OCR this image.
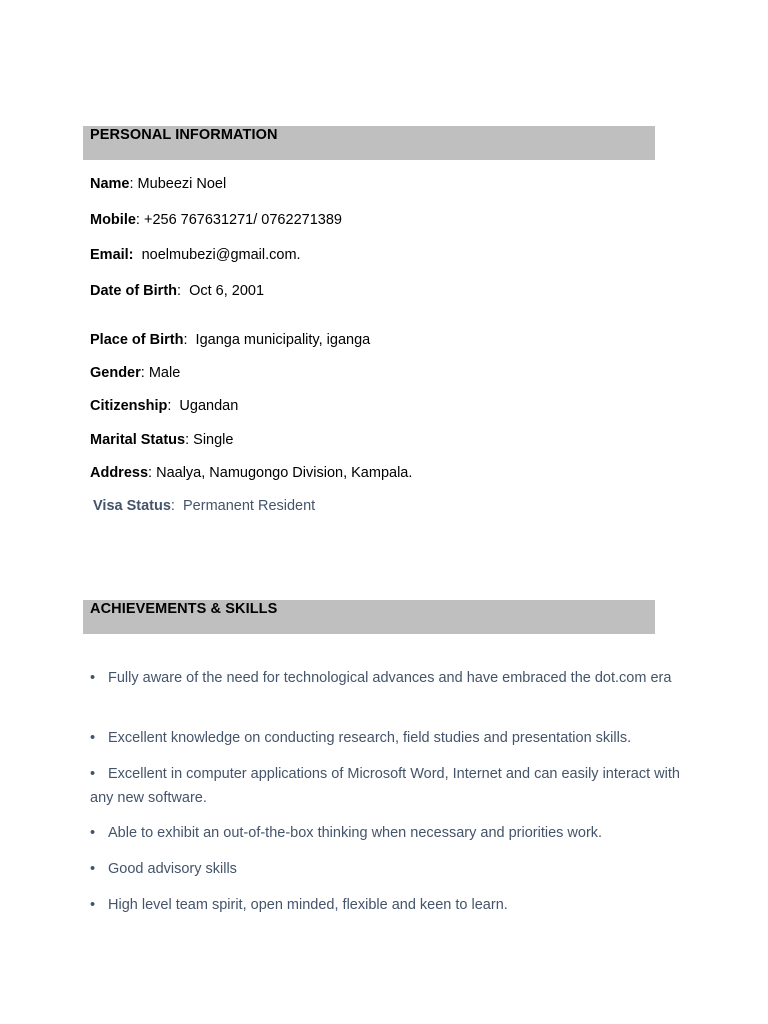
PERSONAL INFORMATION
Name: Mubeezi Noel
Mobile: +256 767631271/ 0762271389
Email:  noelmubezi@gmail.com.
Date of Birth:  Oct 6, 2001
Place of Birth:  Iganga municipality, iganga
Gender: Male
Citizenship:  Ugandan
Marital Status: Single
Address: Naalya, Namugongo Division, Kampala.
Visa Status:  Permanent Resident
ACHIEVEMENTS & SKILLS
• Fully aware of the need for technological advances and have embraced the dot.com era
• Excellent knowledge on conducting research, field studies and presentation skills.
• Excellent in computer applications of Microsoft Word, Internet and can easily interact with any new software.
• Able to exhibit an out-of-the-box thinking when necessary and priorities work.
• Good advisory skills
• High level team spirit, open minded, flexible and keen to learn.
